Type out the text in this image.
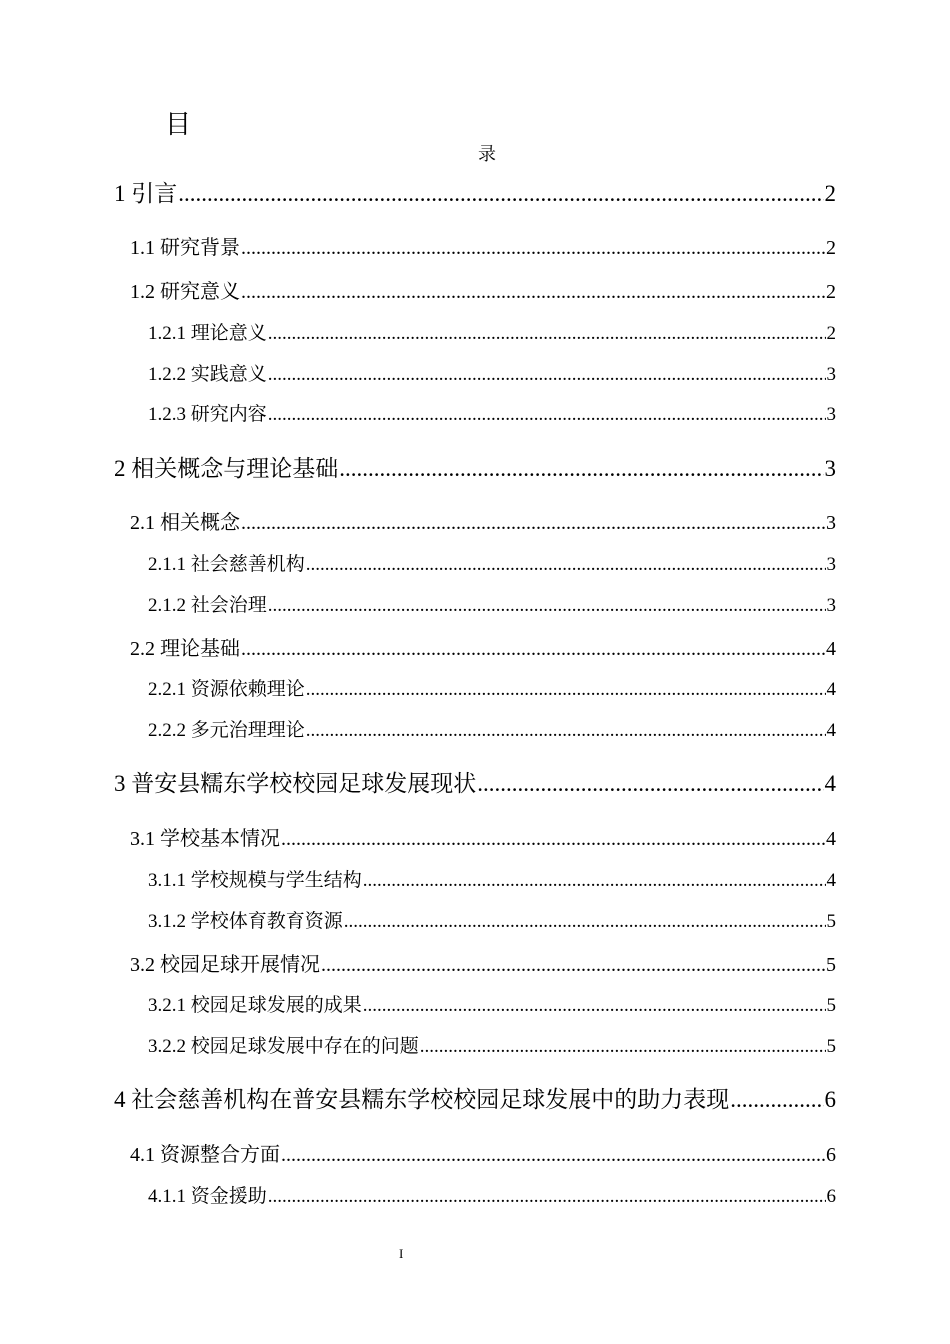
目
录
1 引言 .....	2
1.1 研究背景 .....	2
1.2 研究意义 .....	2
1.2.1 理论意义 .....	2
1.2.2 实践意义 .....	3
1.2.3 研究内容 .....	3
2 相关概念与理论基础 .....	3
2.1 相关概念 .....	3
2.1.1 社会慈善机构 .....	3
2.1.2 社会治理 .....	3
2.2 理论基础 .....	4
2.2.1 资源依赖理论 .....	4
2.2.2 多元治理理论 .....	4
3 普安县糯东学校校园足球发展现状 .....	4
3.1 学校基本情况 .....	4
3.1.1 学校规模与学生结构 .....	4
3.1.2 学校体育教育资源 .....	5
3.2 校园足球开展情况 .....	5
3.2.1 校园足球发展的成果 .....	5
3.2.2 校园足球发展中存在的问题 .....	5
4 社会慈善机构在普安县糯东学校校园足球发展中的助力表现 .....	6
4.1 资源整合方面 .....	6
4.1.1 资金援助 .....	6
I
